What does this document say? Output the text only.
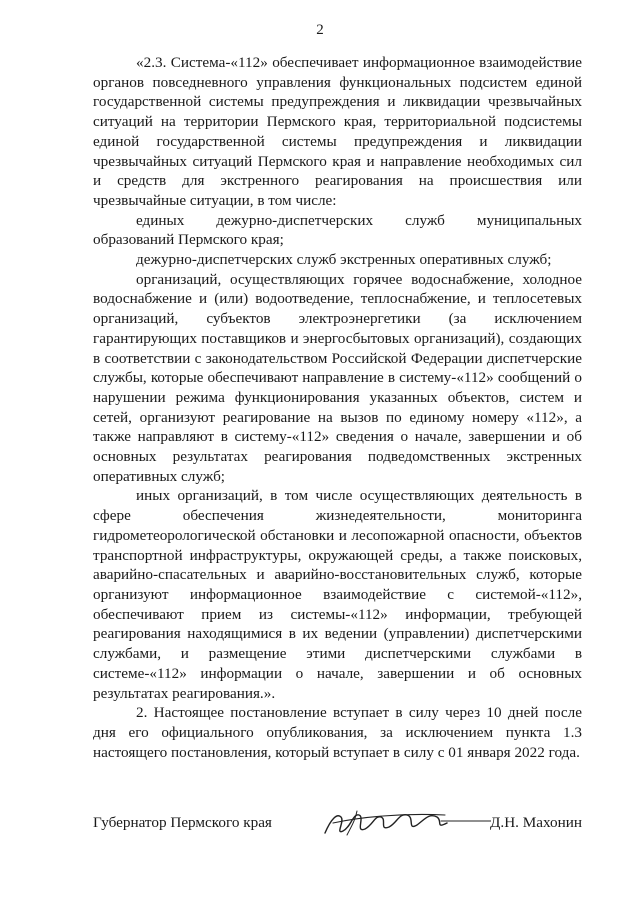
2

«2.3. Система-«112» обеспечивает информационное взаимодействие органов повседневного управления функциональных подсистем единой государственной системы предупреждения и ликвидации чрезвычайных ситуаций на территории Пермского края, территориальной подсистемы единой государственной системы предупреждения и ликвидации чрезвычайных ситуаций Пермского края и направление необходимых сил и средств для экстренного реагирования на происшествия или чрезвычайные ситуации, в том числе:

единых дежурно-диспетчерских служб муниципальных образований Пермского края;

дежурно-диспетчерских служб экстренных оперативных служб;

организаций, осуществляющих горячее водоснабжение, холодное водоснабжение и (или) водоотведение, теплоснабжение, и теплосетевых организаций, субъектов электроэнергетики (за исключением гарантирующих поставщиков и энергосбытовых организаций), создающих в соответствии с законодательством Российской Федерации диспетчерские службы, которые обеспечивают направление в систему-«112» сообщений о нарушении режима функционирования указанных объектов, систем и сетей, организуют реагирование на вызов по единому номеру «112», а также направляют в систему-«112» сведения о начале, завершении и об основных результатах реагирования подведомственных экстренных оперативных служб;

иных организаций, в том числе осуществляющих деятельность в сфере обеспечения жизнедеятельности, мониторинга гидрометеорологической обстановки и лесопожарной опасности, объектов транспортной инфраструктуры, окружающей среды, а также поисковых, аварийно-спасательных и аварийно-восстановительных служб, которые организуют информационное взаимодействие с системой-«112», обеспечивают прием из системы-«112» информации, требующей реагирования находящимися в их ведении (управлении) диспетчерскими службами, и размещение этими диспетчерскими службами в системе-«112» информации о начале, завершении и об основных результатах реагирования.».

2. Настоящее постановление вступает в силу через 10 дней после дня его официального опубликования, за исключением пункта 1.3 настоящего постановления, который вступает в силу с 01 января 2022 года.

Губернатор Пермского края	Д.Н. Махонин
